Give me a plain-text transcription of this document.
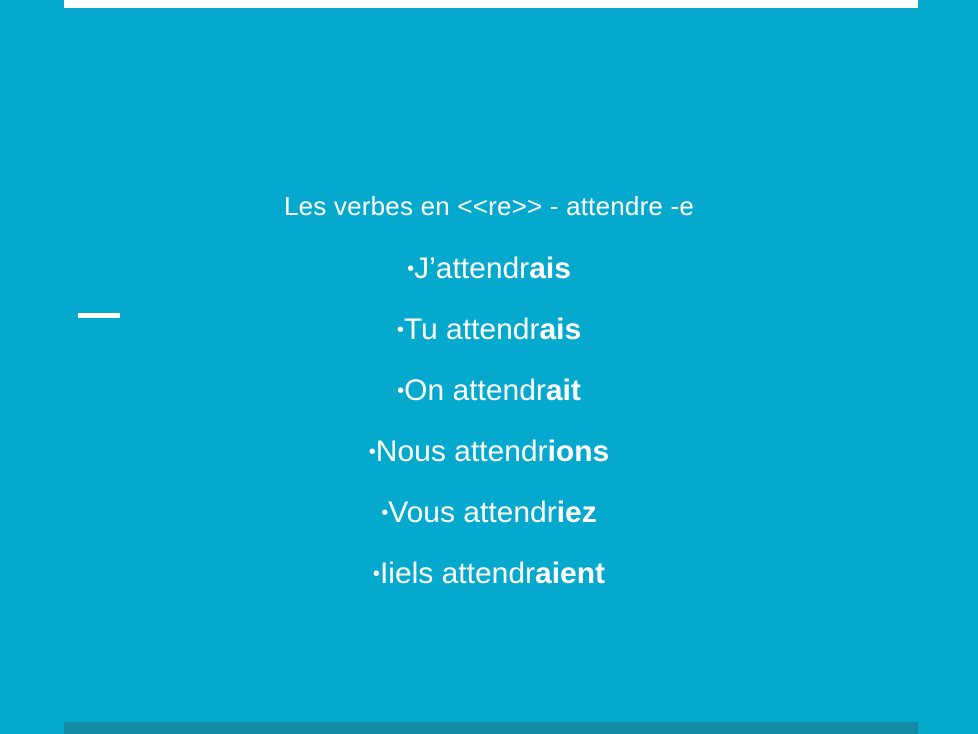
Les verbes en <<re>> - attendre -e
•J’attendrais
•Tu attendrais
•On attendrait
•Nous attendrions
•Vous attendriez
•Iiels attendraient
